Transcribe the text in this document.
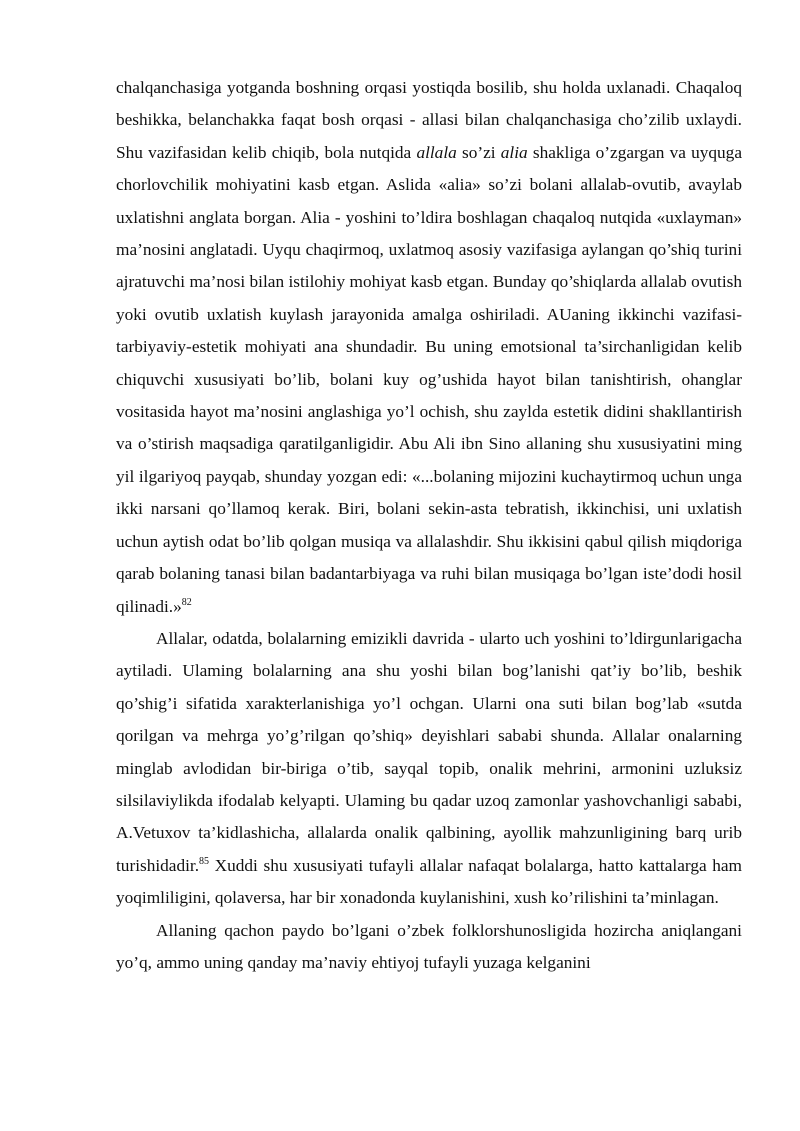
chalqanchasiga yotganda boshning orqasi yostiqda bosilib, shu holda uxlanadi. Chaqaloq beshikka, belanchakka faqat bosh orqasi - allasi bilan chalqanchasiga cho’zilib uxlaydi. Shu vazifasidan kelib chiqib, bola nutqida allala so’zi alia shakliga o’zgargan va uyquga chorlovchilik mohiyatini kasb etgan. Aslida «alia» so’zi bolani allalab-ovutib, avaylab uxlatishni anglata borgan. Alia - yoshini to’ldira boshlagan chaqaloq nutqida «uxlayman» ma’nosini anglatadi. Uyqu chaqirmoq, uxlatmoq asosiy vazifasiga aylangan qo’shiq turini ajratuvchi ma’nosi bilan istilohiy mohiyat kasb etgan. Bunday qo’shiqlarda allalab ovutish yoki ovutib uxlatish kuylash jarayonida amalga oshiriladi. AUaning ikkinchi vazifasi-tarbiyaviy-estetik mohiyati ana shundadir. Bu uning emotsional ta’sirchanligidan kelib chiquvchi xususiyati bo’lib, bolani kuy og’ushida hayot bilan tanishtirish, ohanglar vositasida hayot ma’nosini anglashiga yo’l ochish, shu zaylda estetik didini shakllantirish va o’stirish maqsadiga qaratilganligidir. Abu Ali ibn Sino allaning shu xususiyatini ming yil ilgariyoq payqab, shunday yozgan edi: «...bolaning mijozini kuchaytirmoq uchun unga ikki narsani qo’llamoq kerak. Biri, bolani sekin-asta tebratish, ikkinchisi, uni uxlatish uchun aytish odat bo’lib qolgan musiqa va allalashdir. Shu ikkisini qabul qilish miqdoriga qarab bolaning tanasi bilan badantarbiyaga va ruhi bilan musiqaga bo’lgan iste’dodi hosil qilinadi.»$^{82}$

Allalar, odatda, bolalarning emizikli davrida - ularto uch yoshini to’ldirgunlarigacha aytiladi. Ulaming bolalarning ana shu yoshi bilan bog’lanishi qat’iy bo’lib, beshik qo’shig’i sifatida xarakterlanishiga yo’l ochgan. Ularni ona suti bilan bog’lab «sutda qorilgan va mehrga yo’g’rilgan qo’shiq» deyishlari sababi shunda. Allalar onalarning minglab avlodidan bir-biriga o’tib, sayqal topib, onalik mehrini, armonini uzluksiz silsilaviylikda ifodalab kelyapti. Ulaming bu qadar uzoq zamonlar yashovchanligi sababi, A.Vetuxov ta’kidlashicha, allalarda onalik qalbining, ayollik mahzunligining barq urib turishidadir.$^{85}$ Xuddi shu xususiyati tufayli allalar nafaqat bolalarga, hatto kattalarga ham yoqimliligini, qolaversa, har bir xonadonda kuylanishini, xush ko’rilishini ta’minlagan.

Allaning qachon paydo bo’lgani o’zbek folklorshunosligida hozircha aniqlangani yo’q, ammo uning qanday ma’naviy ehtiyoj tufayli yuzaga kelganini
